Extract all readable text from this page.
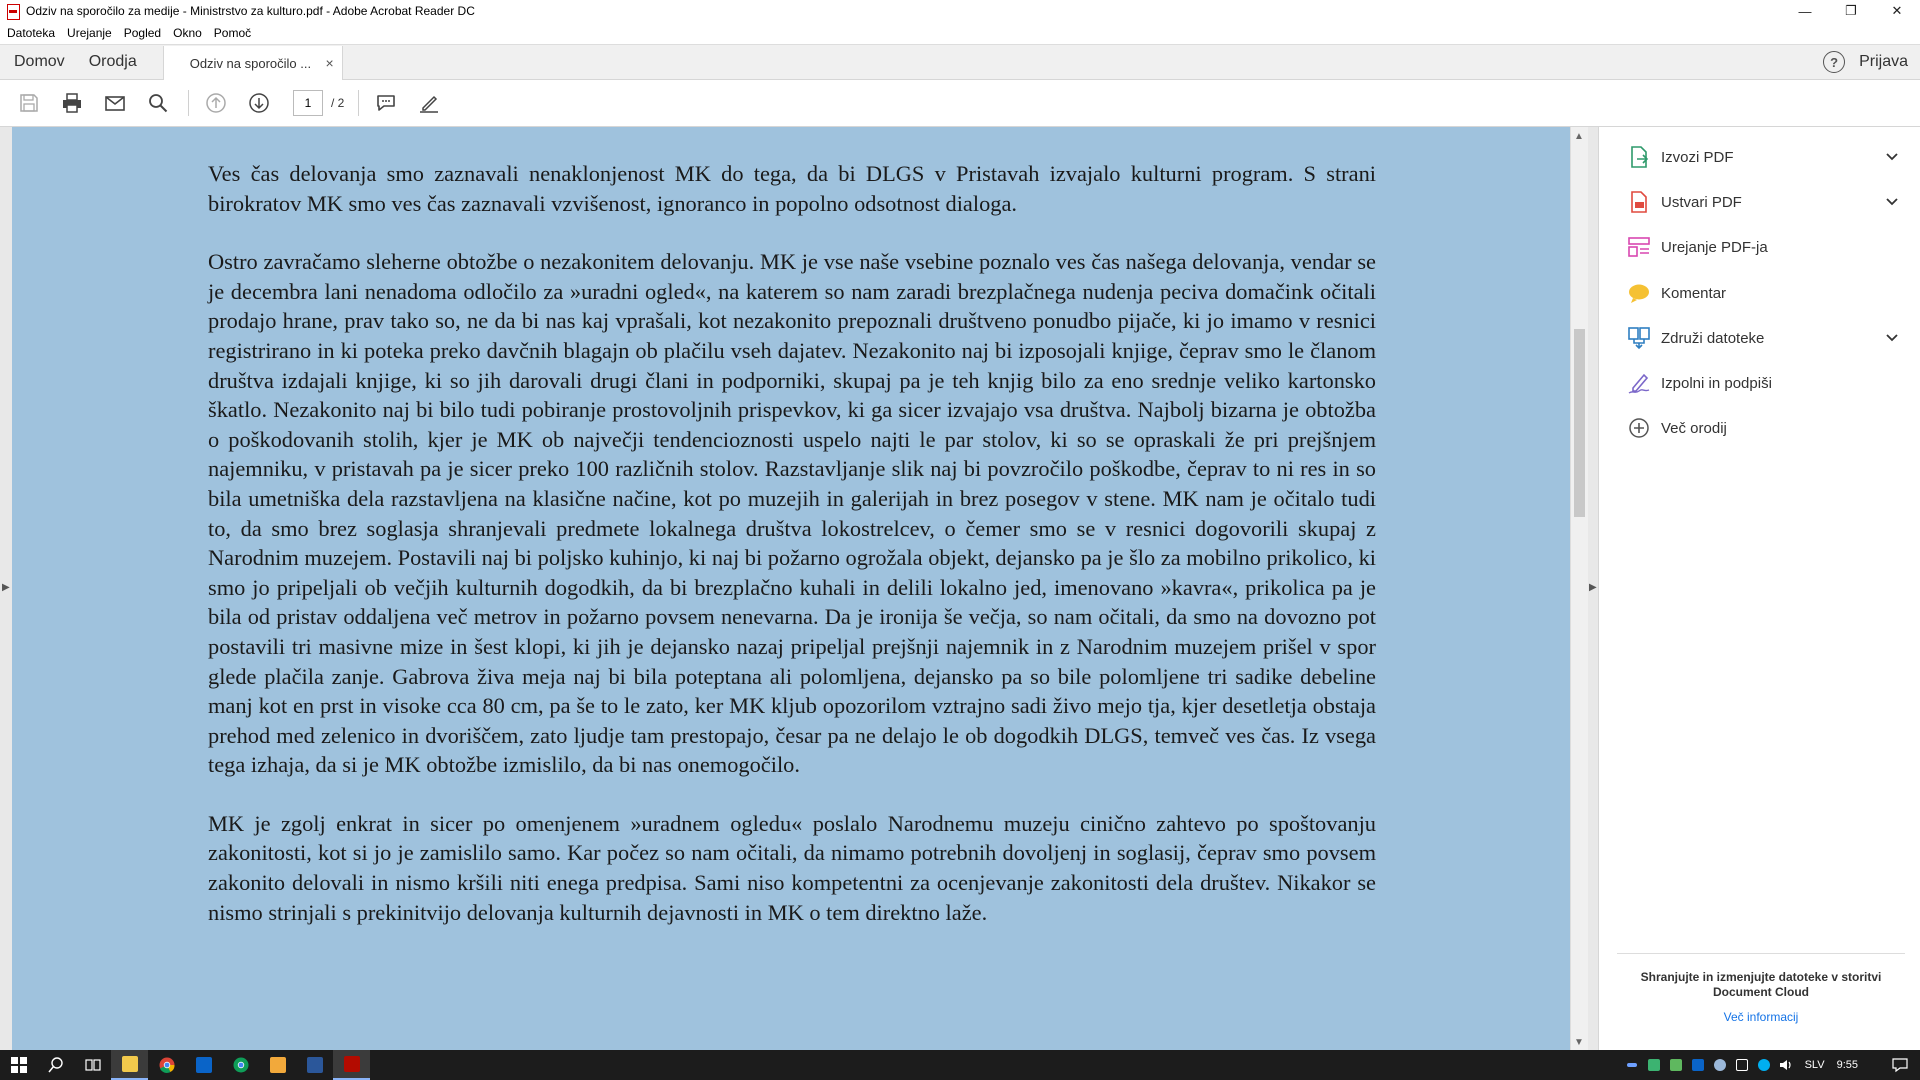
Odziv na sporočilo za medije - Ministrstvo za kulturo.pdf - Adobe Acrobat Reader DC	—	❐	✕
Datoteka Urejanje Pogled Okno Pomoč
Domov	Orodja	Odziv na sporočilo ... ×	?	Prijava
1	/ 2
▶

Ves čas delovanja smo zaznavali nenaklonjenost MK do tega, da bi DLGS v Pristavah izvajalo kulturni program. S strani birokratov MK smo ves čas zaznavali vzvišenost, ignoranco in popolno odsotnost dialoga.

Ostro zavračamo sleherne obtožbe o nezakonitem delovanju. MK je vse naše vsebine poznalo ves čas našega delovanja, vendar se je decembra lani nenadoma odločilo za »uradni ogled«, na katerem so nam zaradi brezplačnega nudenja peciva domačink očitali prodajo hrane, prav tako so, ne da bi nas kaj vprašali, kot nezakonito prepoznali društveno ponudbo pijače, ki jo imamo v resnici registrirano in ki poteka preko davčnih blagajn ob plačilu vseh dajatev. Nezakonito naj bi izposojali knjige, čeprav smo le članom društva izdajali knjige, ki so jih darovali drugi člani in podporniki, skupaj pa je teh knjig bilo za eno srednje veliko kartonsko škatlo. Nezakonito naj bi bilo tudi pobiranje prostovoljnih prispevkov, ki ga sicer izvajajo vsa društva. Najbolj bizarna je obtožba o poškodovanih stolih, kjer je MK ob največji tendencioznosti uspelo najti le par stolov, ki so se opraskali že pri prejšnjem najemniku, v pristavah pa je sicer preko 100 različnih stolov. Razstavljanje slik naj bi povzročilo poškodbe, čeprav to ni res in so bila umetniška dela razstavljena na klasične načine, kot po muzejih in galerijah in brez posegov v stene. MK nam je očitalo tudi to, da smo brez soglasja shranjevali predmete lokalnega društva lokostrelcev, o čemer smo se v resnici dogovorili skupaj z Narodnim muzejem. Postavili naj bi poljsko kuhinjo, ki naj bi požarno ogrožala objekt, dejansko pa je šlo za mobilno prikolico, ki smo jo pripeljali ob večjih kulturnih dogodkih, da bi brezplačno kuhali in delili lokalno jed, imenovano »kavra«, prikolica pa je bila od pristav oddaljena več metrov in požarno povsem nenevarna. Da je ironija še večja, so nam očitali, da smo na dovozno pot postavili tri masivne mize in šest klopi, ki jih je dejansko nazaj pripeljal prejšnji najemnik in z Narodnim muzejem prišel v spor glede plačila zanje. Gabrova živa meja naj bi bila poteptana ali polomljena, dejansko pa so bile polomljene tri sadike debeline manj kot en prst in visoke cca 80 cm, pa še to le zato, ker MK kljub opozorilom vztrajno sadi živo mejo tja, kjer desetletja obstaja prehod med zelenico in dvoriščem, zato ljudje tam prestopajo, česar pa ne delajo le ob dogodkih DLGS, temveč ves čas. Iz vsega tega izhaja, da si je MK obtožbe izmislilo, da bi nas onemogočilo.

MK je zgolj enkrat in sicer po omenjenem »uradnem ogledu« poslalo Narodnemu muzeju cinično zahtevo po spoštovanju zakonitosti, kot si jo je zamislilo samo. Kar počez so nam očitali, da nimamo potrebnih dovoljenj in soglasij, čeprav smo povsem zakonito delovali in nismo kršili niti enega predpisa. Sami niso kompetentni za ocenjevanje zakonitosti dela društev. Nikakor se nismo strinjali s prekinitvijo delovanja kulturnih dejavnosti in MK o tem direktno laže.

▲
▼
▶
Izvozi PDF
Ustvari PDF
Urejanje PDF-ja
Komentar
Združi datoteke
Izpolni in podpiši
Več orodij
Shranjujte in izmenjujte datoteke v storitvi Document Cloud
Več informacij
SLV 9:55
